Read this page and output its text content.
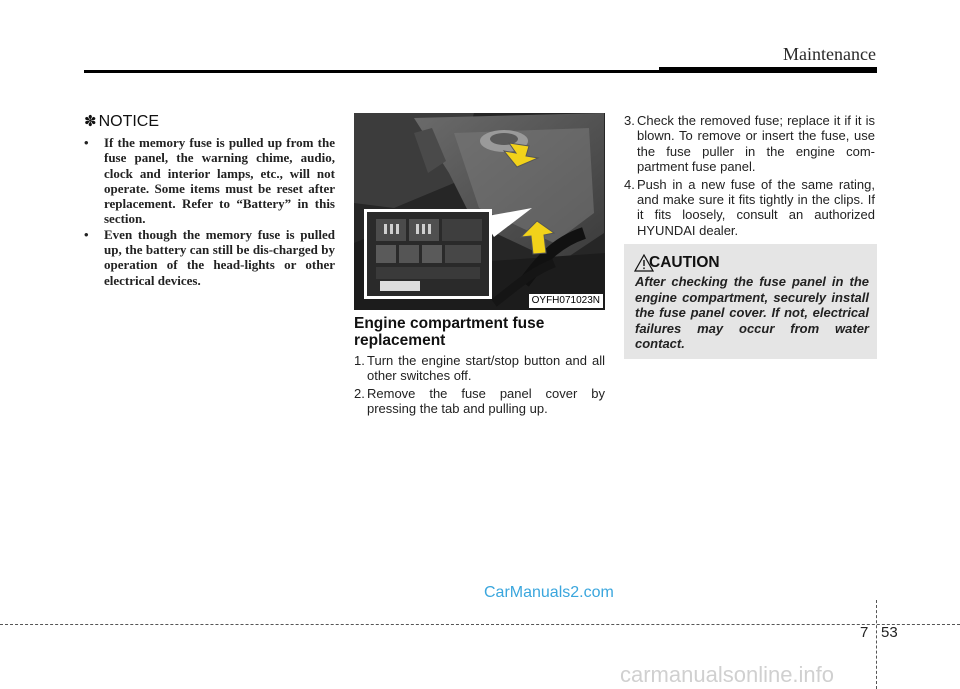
Maintenance
✽ NOTICE
• If the memory fuse is pulled up from the fuse panel, the warning chime, audio, clock and interior lamps, etc., will not operate. Some items must be reset after replacement. Refer to “Battery” in this section.
• Even though the memory fuse is pulled up, the battery can still be dis-charged by operation of the head-lights or other electrical devices.
OYFH071023N
Engine compartment fuse replacement
1. Turn the engine start/stop button and all other switches off.
2. Remove the fuse panel cover by pressing the tab and pulling up.
3. Check the removed fuse; replace it if it is blown. To remove or insert the fuse, use the fuse puller in the engine com-partment fuse panel.
4. Push in a new fuse of the same rating, and make sure it fits tightly in the clips. If it fits loosely, consult an authorized HYUNDAI dealer.
CAUTION

After checking the fuse panel in the engine compartment, securely install the fuse panel cover. If not, electrical failures may occur from water contact.

7 53
CarManuals2.com
carmanualsonline.info
